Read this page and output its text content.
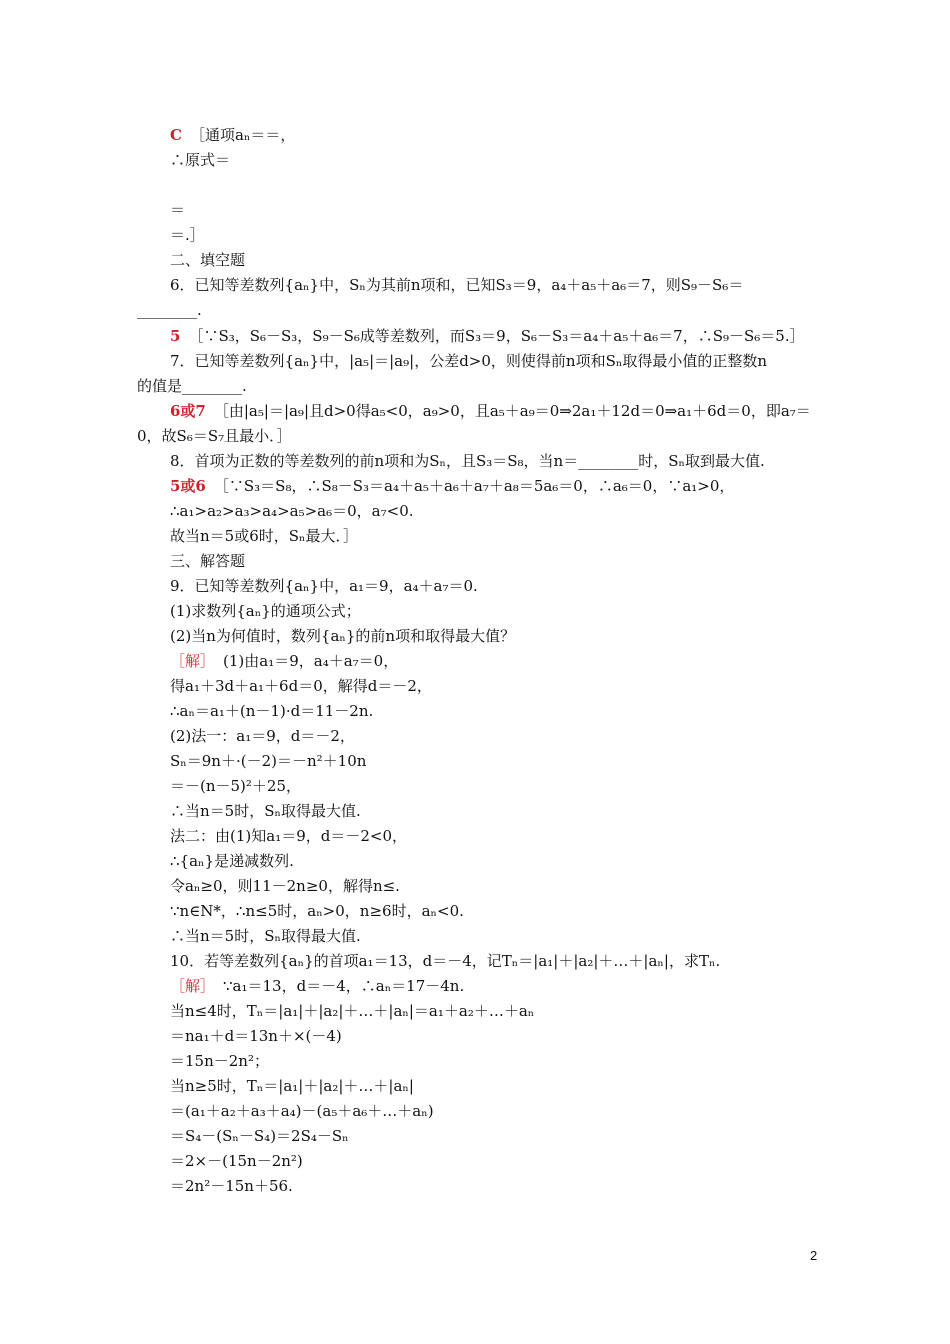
C ［通项aₙ＝＝，
∴原式＝
＝
＝.］
二、填空题
6．已知等差数列{aₙ}中，Sₙ为其前n项和，已知S₃＝9，a₄＋a₅＋a₆＝7，则S₉－S₆＝
________.
5 ［∵S₃，S₆－S₃，S₉－S₆成等差数列，而S₃＝9，S₆－S₃＝a₄＋a₅＋a₆＝7，∴S₉－S₆＝5.］
7．已知等差数列{aₙ}中，|a₅|＝|a₉|，公差d>0，则使得前n项和Sₙ取得最小值的正整数n
的值是________.
6或7 ［由|a₅|＝|a₉|且d>0得a₅<0，a₉>0，且a₅＋a₉＝0⇒2a₁＋12d＝0⇒a₁＋6d＝0，即a₇＝
0，故S₆＝S₇且最小．］
8．首项为正数的等差数列的前n项和为Sₙ，且S₃＝S₈，当n＝________时，Sₙ取到最大值.
5或6 ［∵S₃＝S₈，∴S₈－S₃＝a₄＋a₅＋a₆＋a₇＋a₈＝5a₆＝0，∴a₆＝0，∵a₁>0，
∴a₁>a₂>a₃>a₄>a₅>a₆＝0，a₇<0.
故当n＝5或6时，Sₙ最大．］
三、解答题
9．已知等差数列{aₙ}中，a₁＝9，a₄＋a₇＝0.
(1)求数列{aₙ}的通项公式；
(2)当n为何值时，数列{aₙ}的前n项和取得最大值？
［解］ (1)由a₁＝9，a₄＋a₇＝0，
得a₁＋3d＋a₁＋6d＝0，解得d＝－2，
∴aₙ＝a₁＋(n－1)·d＝11－2n.
(2)法一：a₁＝9，d＝－2，
Sₙ＝9n＋·(－2)＝－n²＋10n
＝－(n－5)²＋25，
∴当n＝5时，Sₙ取得最大值.
法二：由(1)知a₁＝9，d＝－2<0，
∴{aₙ}是递减数列.
令aₙ≥0，则11－2n≥0，解得n≤.
∵n∈N*，∴n≤5时，aₙ>0，n≥6时，aₙ<0.
∴当n＝5时，Sₙ取得最大值.
10．若等差数列{aₙ}的首项a₁＝13，d＝－4，记Tₙ＝|a₁|＋|a₂|＋…＋|aₙ|，求Tₙ.
［解］ ∵a₁＝13，d＝－4，∴aₙ＝17－4n.
当n≤4时，Tₙ＝|a₁|＋|a₂|＋…＋|aₙ|＝a₁＋a₂＋…＋aₙ
＝na₁＋d＝13n＋×(－4)
＝15n－2n²；
当n≥5时，Tₙ＝|a₁|＋|a₂|＋…＋|aₙ|
＝(a₁＋a₂＋a₃＋a₄)－(a₅＋a₆＋…＋aₙ)
＝S₄－(Sₙ－S₄)＝2S₄－Sₙ
＝2×－(15n－2n²)
＝2n²－15n＋56.
2
